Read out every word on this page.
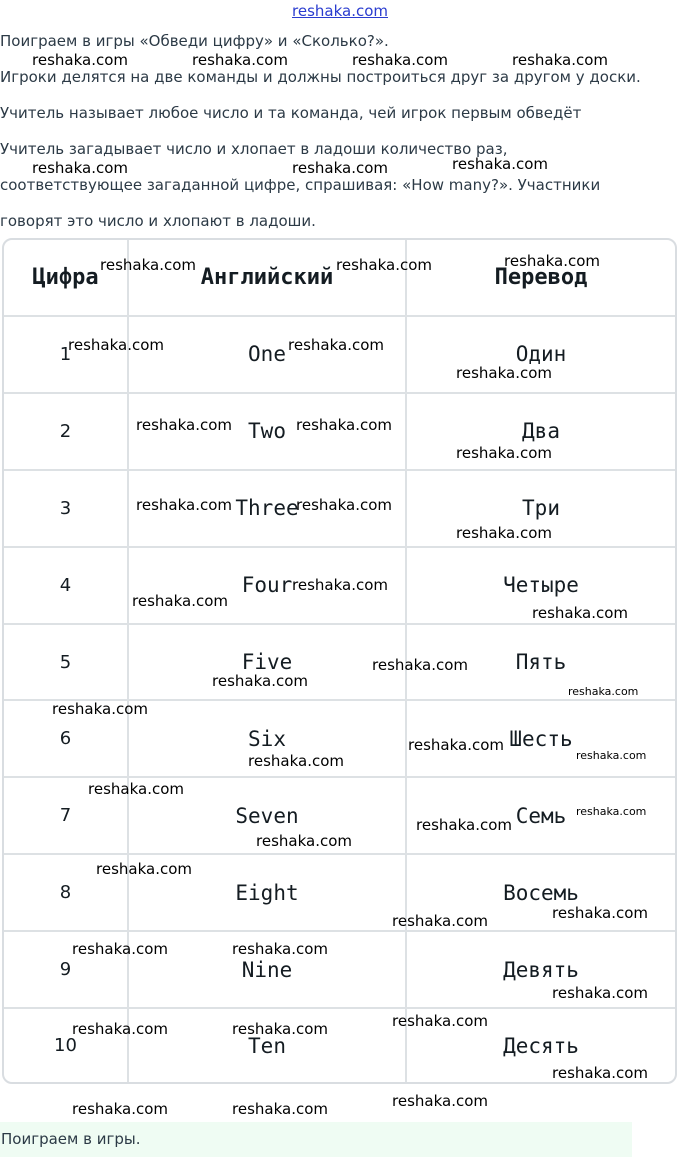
reshaka.com

Поиграем в игры «Обведи цифру» и «Сколько?».

Игроки делятся на две команды и должны построиться друг за другом у доски.

Учитель называет любое число и та команда, чей игрок первым обведёт

Учитель загадывает число и хлопает в ладоши количество раз,

соответствующее загаданной цифре, спрашивая: «How many?». Участники

говорят это число и хлопают в ладоши.

Цифра	Английский	Перевод
1	One	Один
2	Two	Два
3	Three	Три
4	Four	Четыре
5	Five	Пять
6	Six	Шесть
7	Seven	Семь
8	Eight	Восемь
9	Nine	Девять
10	Ten	Десять
Поиграем в игры.
reshaka.com	reshaka.com	reshaka.com	reshaka.com
reshaka.com	reshaka.com	reshaka.com
reshaka.com	reshaka.com	reshaka.com
reshaka.com	reshaka.com
reshaka.com
reshaka.com	reshaka.com
reshaka.com
reshaka.com	reshaka.com
reshaka.com
reshaka.com
reshaka.com
reshaka.com
reshaka.com
reshaka.com
reshaka.com
reshaka.com
reshaka.com
reshaka.com
reshaka.com
reshaka.com
reshaka.com
reshaka.com
reshaka.com
reshaka.com
reshaka.com
reshaka.com
reshaka.com	reshaka.com
reshaka.com
reshaka.com
reshaka.com	reshaka.com
reshaka.com
reshaka.com
reshaka.com	reshaka.com
